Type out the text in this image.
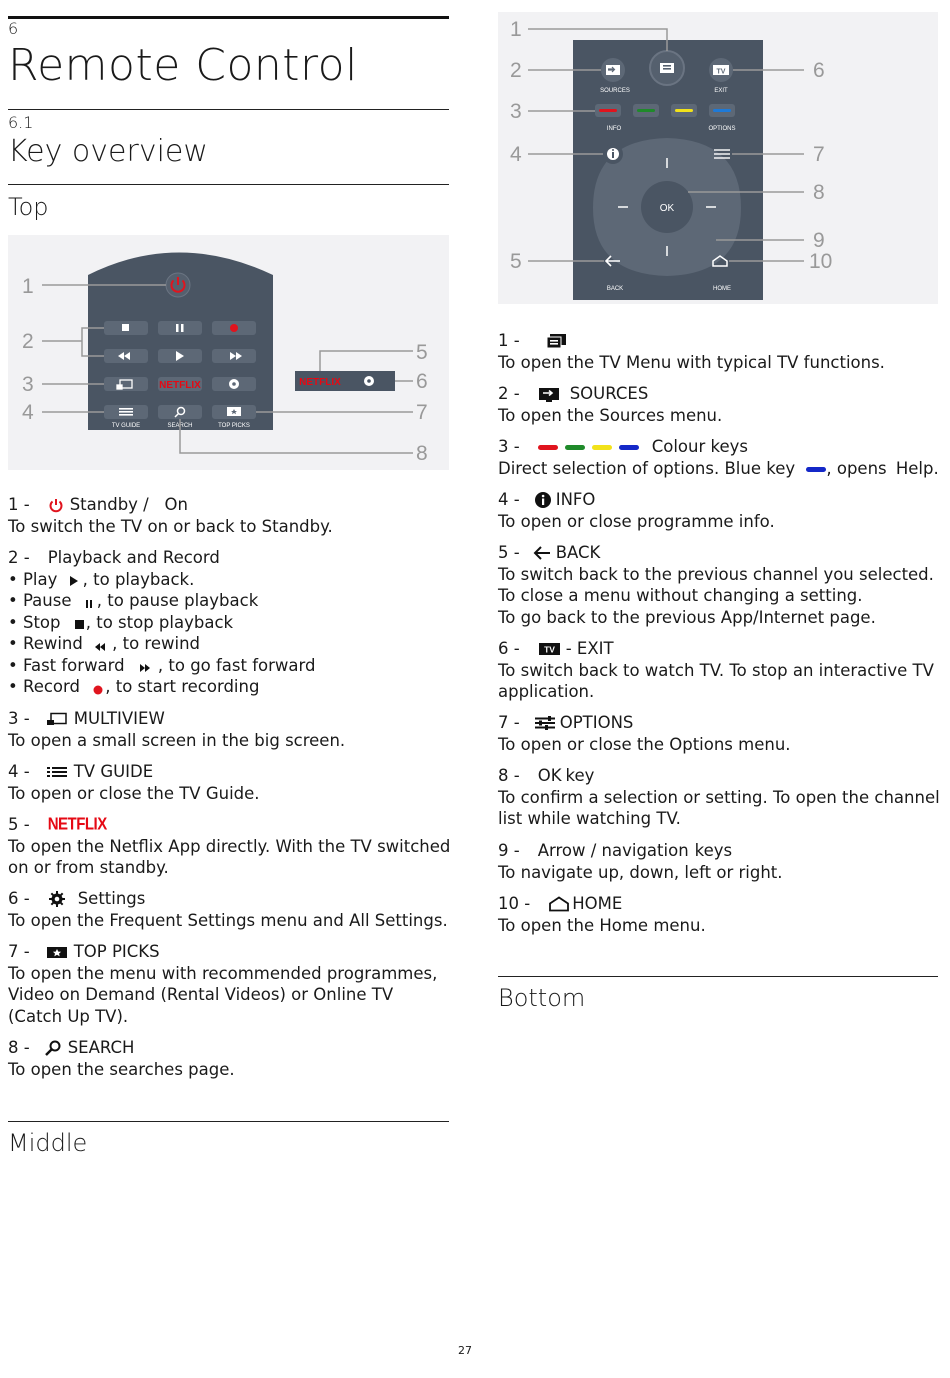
6
Remote Control
6.1
Key overview
Top
NETFLIX
TV GUIDE	SEARCH	TOP PICKS
NETFLIX
1
2
3
4
5
6
7
8
TV
SOURCES	EXIT
INFO	OPTIONS
OK
BACK	HOME
1
2
3
4
5
6
7
8
9
10
1 - Standby /   On
To switch the TV on or back to Standby.
2 - Playback and Record
• Play , to playback.
• Pause , to pause playback
• Stop , to stop playback
• Rewind , to rewind
• Fast forward , to go fast forward
• Record , to start recording
3 -	MULTIVIEW
To open a small screen in the big screen.
4 -	TV GUIDE
To open or close the TV Guide.
5 - NETFLIX
To open the Netflix App directly. With the TV switched
on or from standby.
6 -	Settings
To open the Frequent Settings menu and All Settings.
7 -	TOP PICKS
To open the menu with recommended programmes,
Video on Demand (Rental Videos) or Online TV
(Catch Up TV).
8 - SEARCH
To open the searches page.
Middle
1 -
To open the TV Menu with typical TV functions.
2 -	SOURCES
To open the Sources menu.
3 -	Colour keys
Direct selection of options. Blue key , opens Help.
4 - INFO
To open or close programme info.
5 - BACK
To switch back to the previous channel you selected.
To close a menu without changing a setting.
To go back to the previous App/Internet page.
6 -	TV - EXIT
To switch back to watch TV. To stop an interactive TV
application.
7 - OPTIONS
To open or close the Options menu.
8 - OK key
To confirm a selection or setting. To open the channel
list while watching TV.
9 - Arrow / navigation keys
To navigate up, down, left or right.
10 -	HOME
To open the Home menu.
Bottom
27
